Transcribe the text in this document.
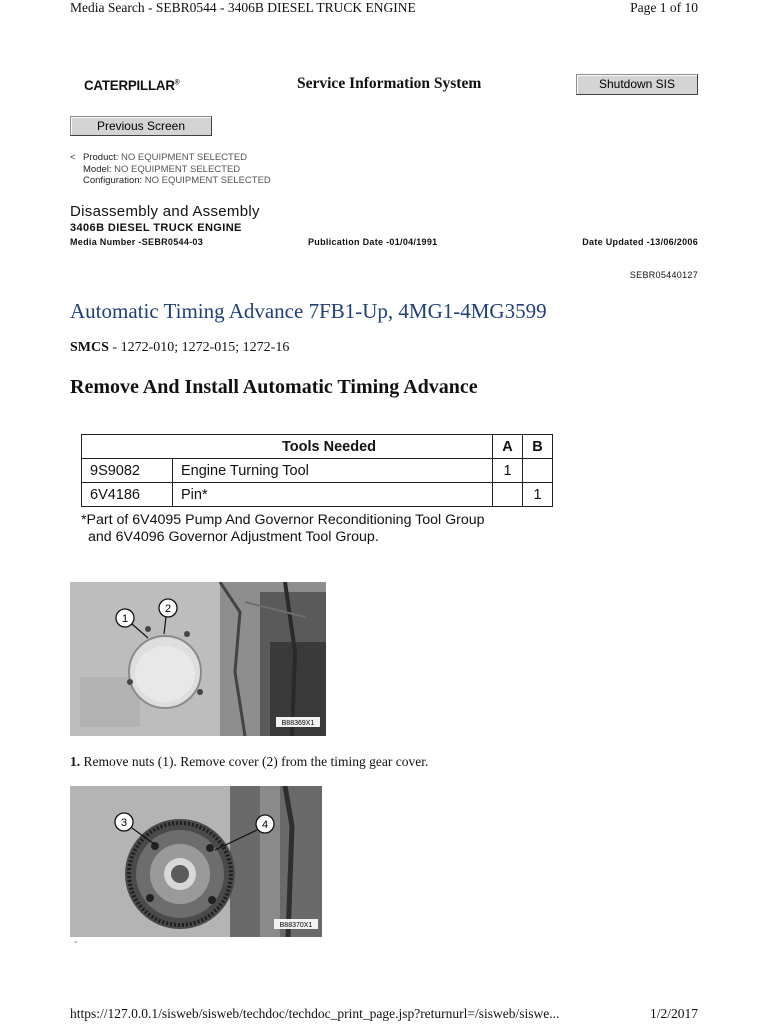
Media Search - SEBR0544 - 3406B DIESEL TRUCK ENGINE	Page 1 of 10
CATERPILLAR®	Service Information System	Shutdown SIS
Previous Screen
< Product: NO EQUIPMENT SELECTED
Model: NO EQUIPMENT SELECTED
Configuration: NO EQUIPMENT SELECTED
Disassembly and Assembly
3406B DIESEL TRUCK ENGINE
Media Number -SEBR0544-03	Publication Date -01/04/1991	Date Updated -13/06/2006
SEBR05440127
Automatic Timing Advance 7FB1-Up, 4MG1-4MG3599
SMCS - 1272-010; 1272-015; 1272-16
Remove And Install Automatic Timing Advance
Tools Needed		A	B
9S9082	Engine Turning Tool	1	
6V4186	Pin*		1
*Part of 6V4095 Pump And Governor Reconditioning Tool Group
and 6V4096 Governor Adjustment Tool Group.
1
2
B88369X1
1. Remove nuts (1). Remove cover (2) from the timing gear cover.
3	4
B88370X1
-
https://127.0.0.1/sisweb/sisweb/techdoc/techdoc_print_page.jsp?returnurl=/sisweb/siswe...	1/2/2017
